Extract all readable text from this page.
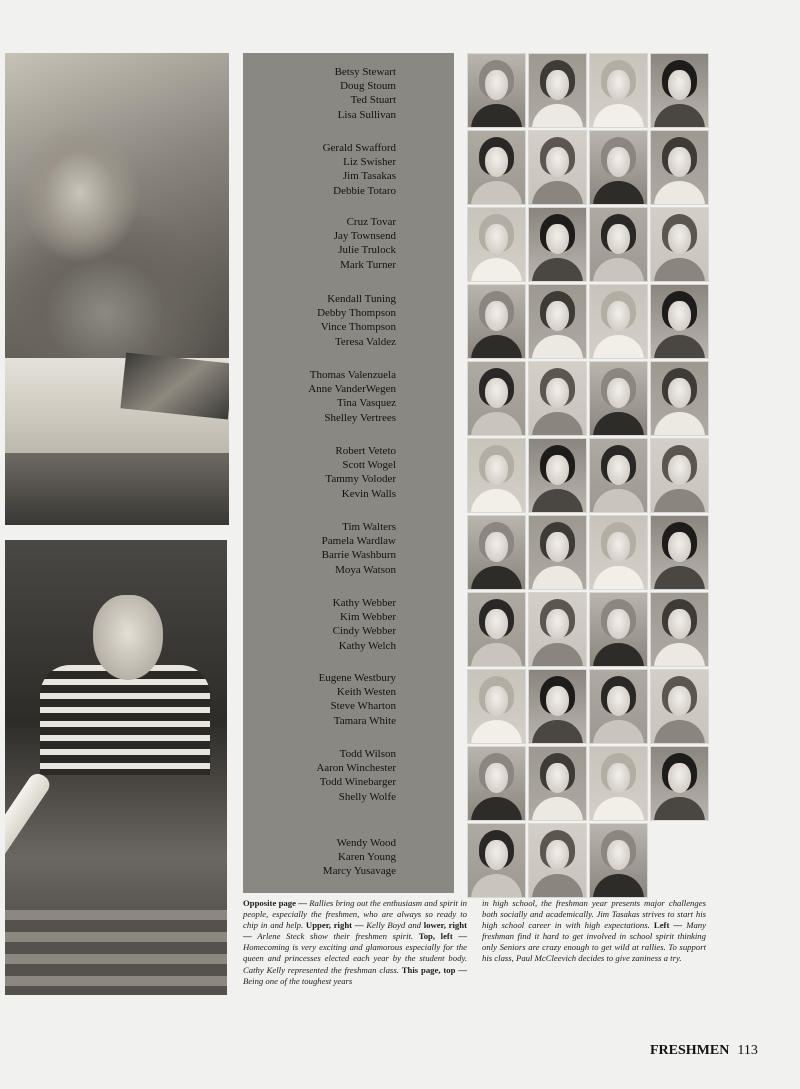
Betsy Stewart
Doug Stoum
Ted Stuart
Lisa Sullivan
Gerald Swafford
Liz Swisher
Jim Tasakas
Debbie Totaro
Cruz Tovar
Jay Townsend
Julie Trulock
Mark Turner
Kendall Tuning
Debby Thompson
Vince Thompson
Teresa Valdez
Thomas Valenzuela
Anne VanderWegen
Tina Vasquez
Shelley Vertrees
Robert Veteto
Scott Wogel
Tammy Voloder
Kevin Walls
Tim Walters
Pamela Wardlaw
Barrie Washburn
Moya Watson
Kathy Webber
Kim Webber
Cindy Webber
Kathy Welch
Eugene Westbury
Keith Westen
Steve Wharton
Tamara White
Todd Wilson
Aaron Winchester
Todd Winebarger
Shelly Wolfe
Wendy Wood
Karen Young
Marcy Yusavage
Opposite page — Rallies bring out the enthusiasm and spirit in people, especially the freshmen, who are always so ready to chip in and help. Upper, right — Kelly Boyd and lower, right — Arlene Steck show their freshmen spirit. Top, left — Homecoming is very exciting and glamorous especially for the queen and princesses elected each year by the student body. Cathy Kelly represented the freshman class. This page, top — Being one of the toughest years
in high school, the freshman year presents major challenges both socially and academically. Jim Tasakas strives to start his high school career in with high expectations. Left — Many freshman find it hard to get involved in school spirit thinking only Seniors are crazy enough to get wild at rallies. To support his class, Paul McCleevich decides to give zaniness a try.
FRESHMEN 113
